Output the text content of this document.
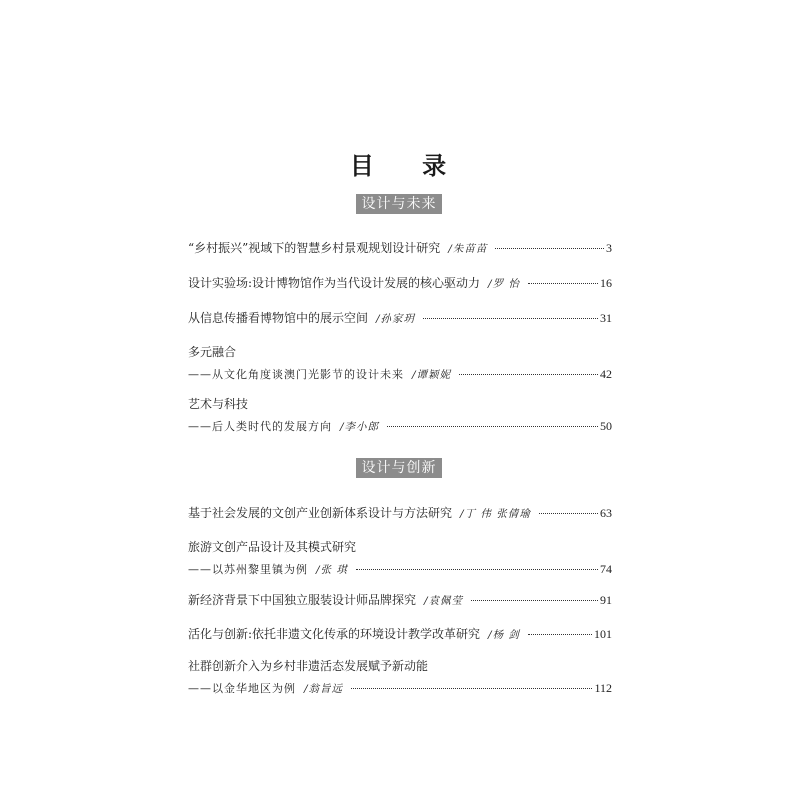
目 录
设计与未来
“乡村振兴”视域下的智慧乡村景观规划设计研究 /朱苗苗	3
设计实验场:设计博物馆作为当代设计发展的核心驱动力 /罗 怡	16
从信息传播看博物馆中的展示空间 /孙家玥	31
多元融合
——从文化角度谈澳门光影节的设计未来 /谭颖妮	42
艺术与科技
——后人类时代的发展方向 /李小郎	50
设计与创新
基于社会发展的文创产业创新体系设计与方法研究 /丁 伟 张倩瑜	63
旅游文创产品设计及其模式研究
——以苏州黎里镇为例 /张 琪	74
新经济背景下中国独立服装设计师品牌探究 /袁佩莹	91
活化与创新:依托非遗文化传承的环境设计教学改革研究 /杨 剑	101
社群创新介入为乡村非遗活态发展赋予新动能
——以金华地区为例 /翁旨远	112
